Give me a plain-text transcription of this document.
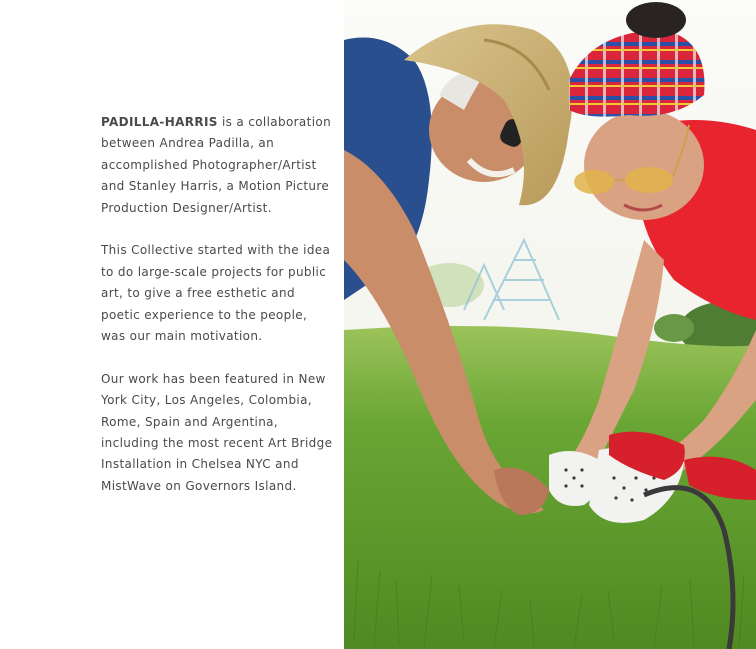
PADILLA-HARRIS is a collaboration between Andrea Padilla, an accomplished Photographer/Artist and Stanley Harris, a Motion Picture Production Designer/Artist.

This Collective started with the idea to do large-scale projects for public art, to give a free esthetic and poetic experience to the people, was our main motivation.

Our work has been featured in New York City, Los Angeles, Colombia, Rome, Spain and Argentina, including the most recent Art Bridge Installation in Chelsea NYC and MistWave on Governors Island.
